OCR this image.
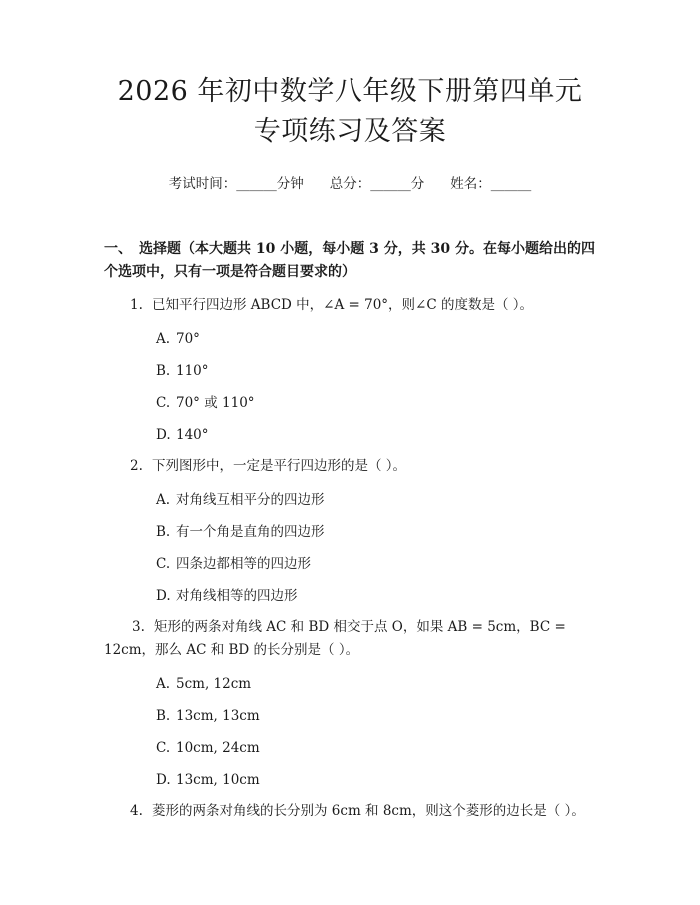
2026 年初中数学八年级下册第四单元专项练习及答案
考试时间：______分钟 总分：______分 姓名：______
一、　选择题（本大题共 10 小题，每小题 3 分，共 30 分。在每小题给出的四个选项中，只有一项是符合题目要求的）
1. 已知平行四边形 ABCD 中，∠A = 70°，则∠C 的度数是（ ）。
A. 70°
B. 110°
C. 70° 或 110°
D. 140°
2. 下列图形中，一定是平行四边形的是（ ）。
A. 对角线互相平分的四边形
B. 有一个角是直角的四边形
C. 四条边都相等的四边形
D. 对角线相等的四边形
3. 矩形的两条对角线 AC 和 BD 相交于点 O，如果 AB = 5cm，BC = 12cm，那么 AC 和 BD 的长分别是（ ）。
A. 5cm, 12cm
B. 13cm, 13cm
C. 10cm, 24cm
D. 13cm, 10cm
4. 菱形的两条对角线的长分别为 6cm 和 8cm，则这个菱形的边长是（ ）。
